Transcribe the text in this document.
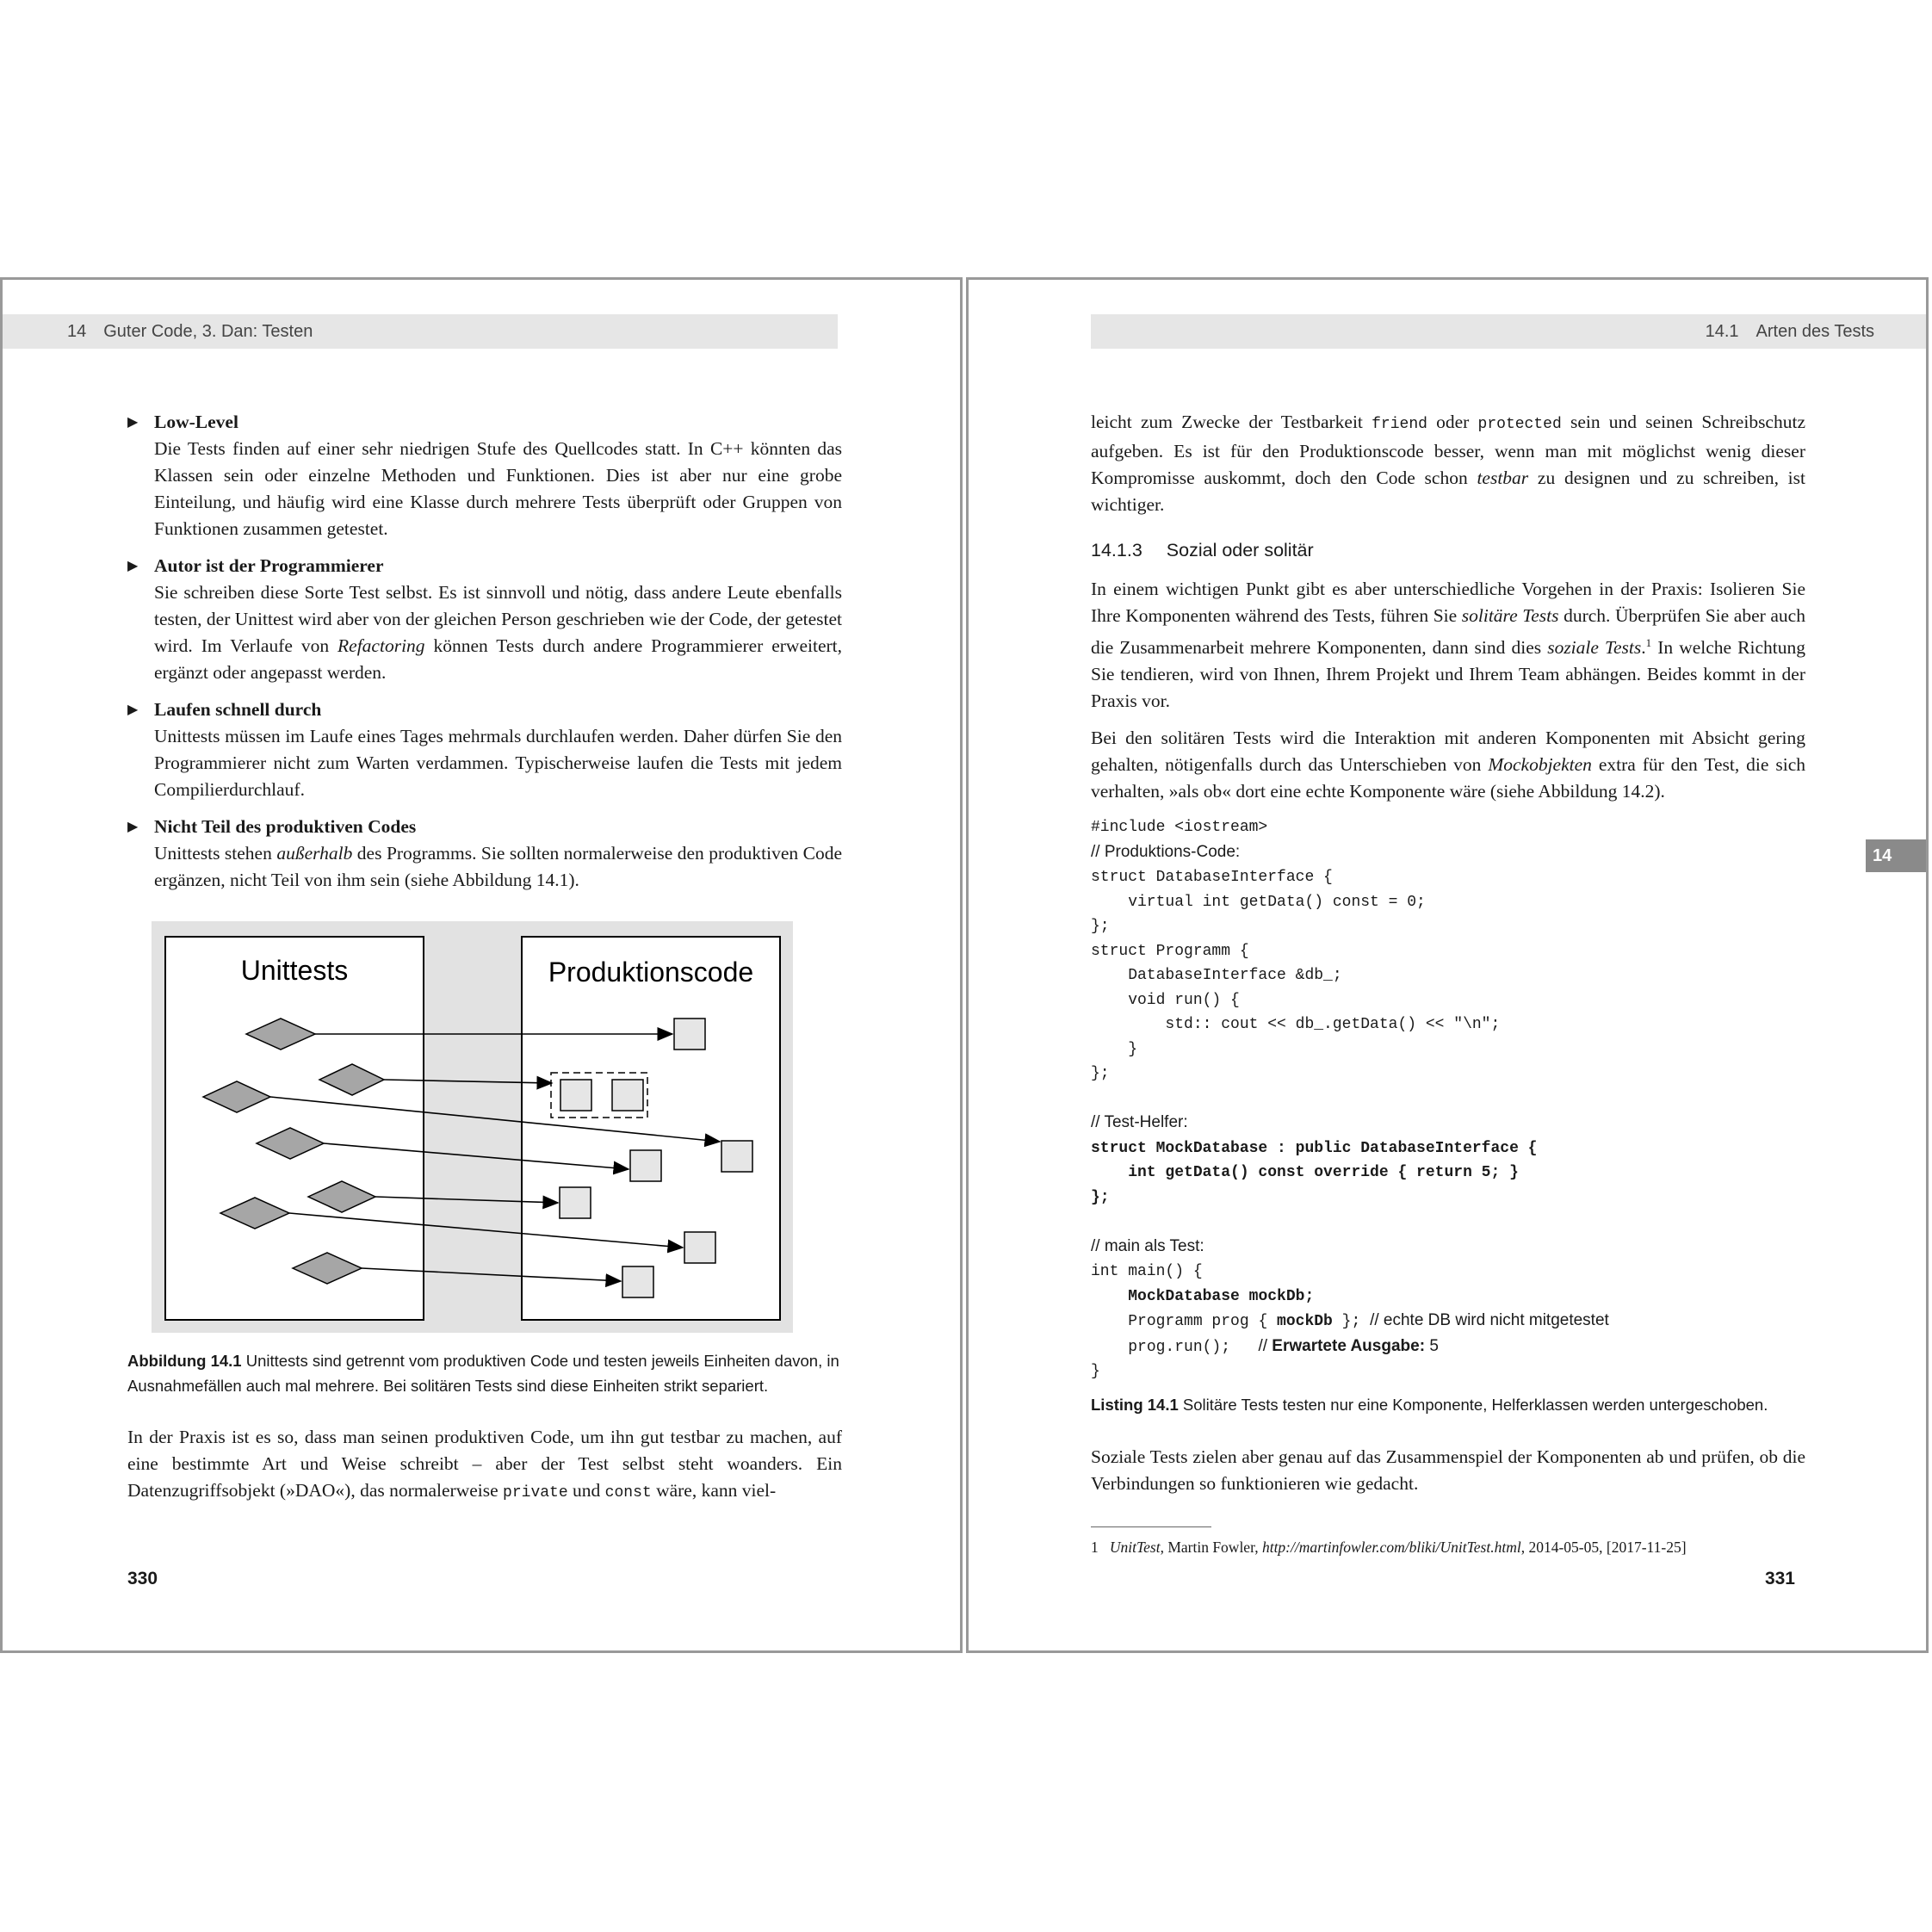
14 Guter Code, 3. Dan: Testen
▶ Low-Level

Die Tests finden auf einer sehr niedrigen Stufe des Quellcodes statt. In C++ könnten das Klassen sein oder einzelne Methoden und Funktionen. Dies ist aber nur eine grobe Einteilung, und häufig wird eine Klasse durch mehrere Tests überprüft oder Gruppen von Funktionen zusammen getestet.

▶ Autor ist der Programmierer

Sie schreiben diese Sorte Test selbst. Es ist sinnvoll und nötig, dass andere Leute ebenfalls testen, der Unittest wird aber von der gleichen Person geschrieben wie der Code, der getestet wird. Im Verlaufe von Refactoring können Tests durch andere Programmierer erweitert, ergänzt oder angepasst werden.

▶ Laufen schnell durch

Unittests müssen im Laufe eines Tages mehrmals durchlaufen werden. Daher dürfen Sie den Programmierer nicht zum Warten verdammen. Typischerweise laufen die Tests mit jedem Compilierdurchlauf.

▶ Nicht Teil des produktiven Codes

Unittests stehen außerhalb des Programms. Sie sollten normalerweise den produktiven Code ergänzen, nicht Teil von ihm sein (siehe Abbildung 14.1).

Unittests	Produktionscode
Abbildung 14.1 Unittests sind getrennt vom produktiven Code und testen jeweils Einheiten davon, in Ausnahmefällen auch mal mehrere. Bei solitären Tests sind diese Einheiten strikt separiert.

In der Praxis ist es so, dass man seinen produktiven Code, um ihn gut testbar zu machen, auf eine bestimmte Art und Weise schreibt – aber der Test selbst steht woanders. Ein Datenzugriffsobjekt (»DAO«), das normalerweise private und const wäre, kann viel-

330
14.1 Arten des Tests

leicht zum Zwecke der Testbarkeit friend oder protected sein und seinen Schreibschutz aufgeben. Es ist für den Produktionscode besser, wenn man mit möglichst wenig dieser Kompromisse auskommt, doch den Code schon testbar zu designen und zu schreiben, ist wichtiger.

14.1.3 Sozial oder solitär

In einem wichtigen Punkt gibt es aber unterschiedliche Vorgehen in der Praxis: Isolieren Sie Ihre Komponenten während des Tests, führen Sie solitäre Tests durch. Überprüfen Sie aber auch die Zusammenarbeit mehrere Komponenten, dann sind dies soziale Tests.$^1$ In welche Richtung Sie tendieren, wird von Ihnen, Ihrem Projekt und Ihrem Team abhängen. Beides kommt in der Praxis vor.

Bei den solitären Tests wird die Interaktion mit anderen Komponenten mit Absicht gering gehalten, nötigenfalls durch das Unterschieben von Mockobjekten extra für den Test, die sich verhalten, »als ob« dort eine echte Komponente wäre (siehe Abbildung 14.2).

#include <iostream>
// Produktions-Code:
struct DatabaseInterface {
virtual int getData() const = 0;
};
struct Programm {
DatabaseInterface &db_;
void run() {
std:: cout << db_.getData() << "\n";
}
};

// Test-Helfer:
struct MockDatabase : public DatabaseInterface {
int getData() const override { return 5; }
};

// main als Test:
int main() {
MockDatabase mockDb;
Programm prog { mockDb }; // echte DB wird nicht mitgetestet
prog.run(); // Erwartete Ausgabe: 5
}
Listing 14.1 Solitäre Tests testen nur eine Komponente, Helferklassen werden untergeschoben.

Soziale Tests zielen aber genau auf das Zusammenspiel der Komponenten ab und prüfen, ob die Verbindungen so funktionieren wie gedacht.

1 UnitTest, Martin Fowler, http://martinfowler.com/bliki/UnitTest.html, 2014-05-05, [2017-11-25]
14
331
